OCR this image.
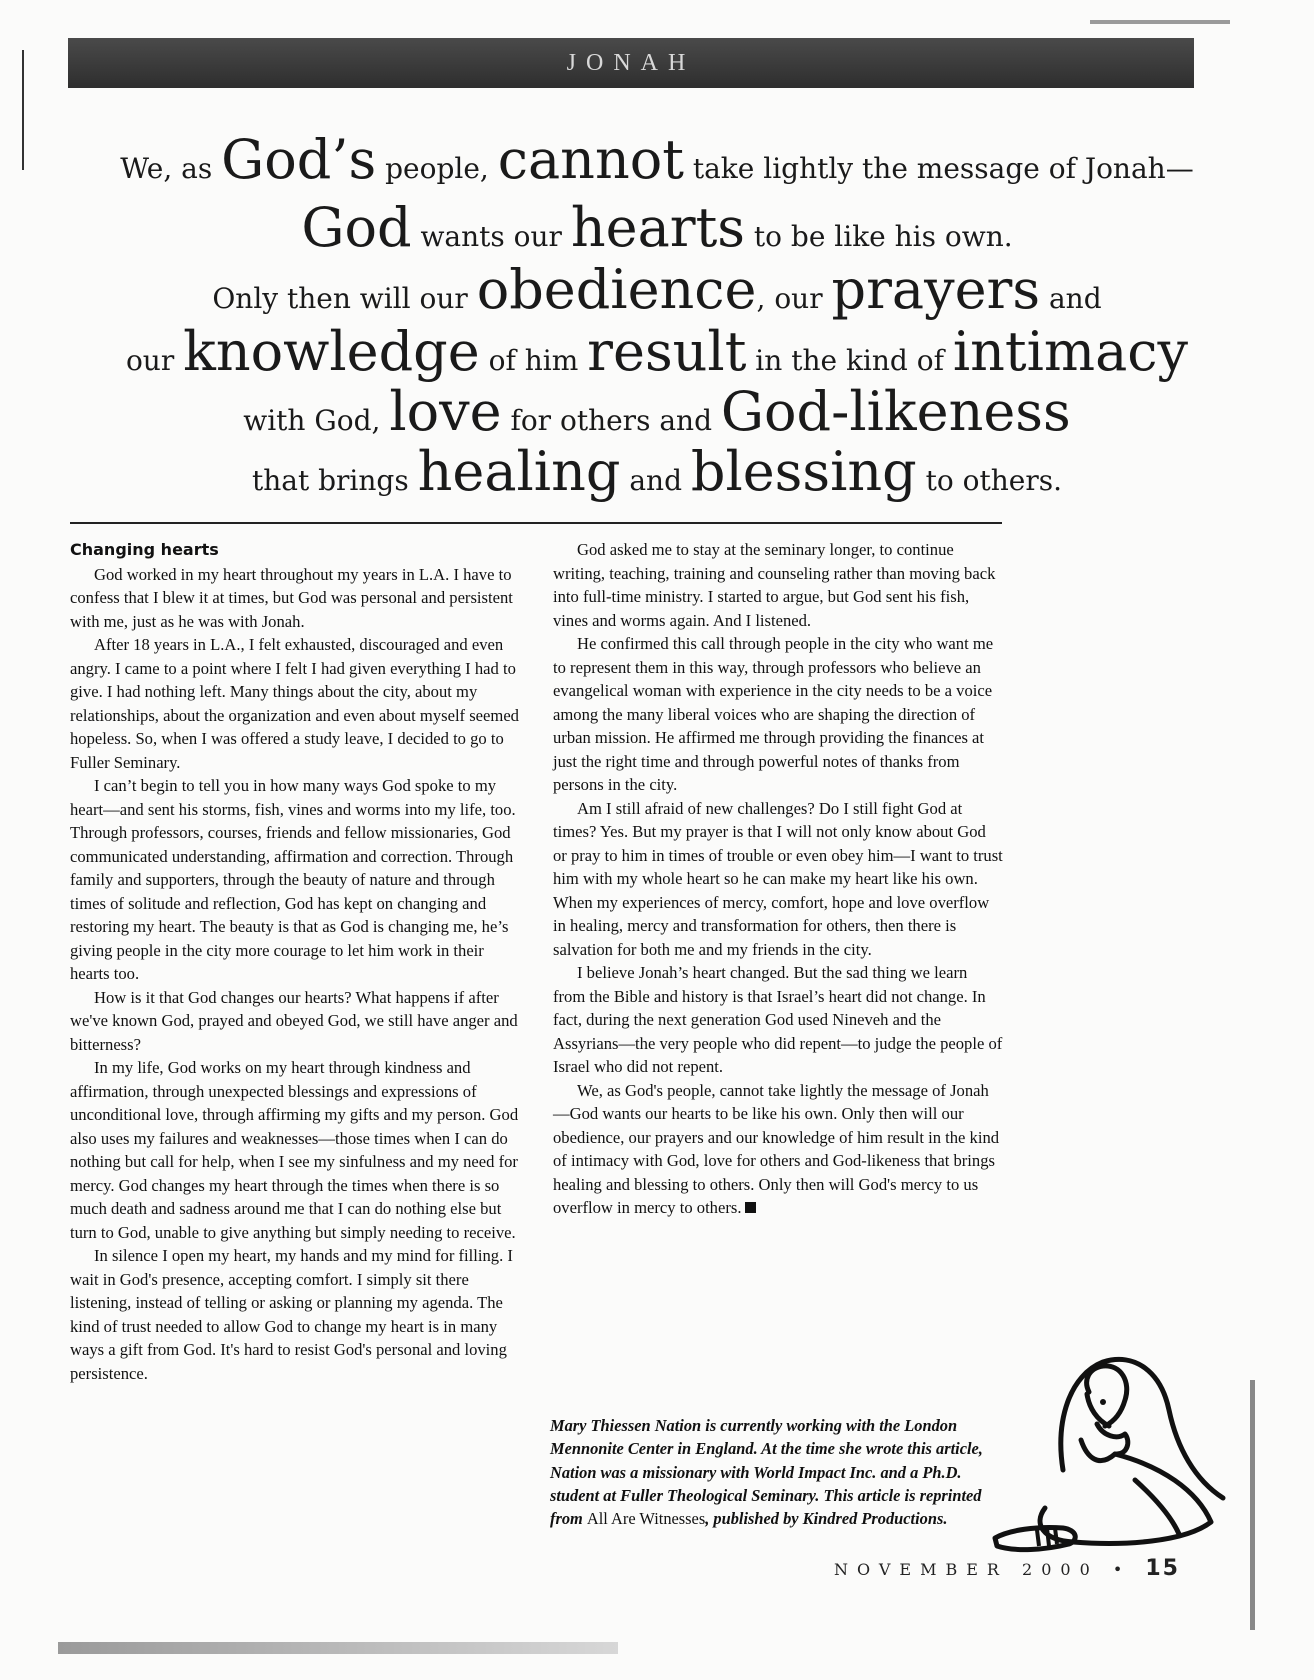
JONAH
We, as God’s people, cannot take lightly the message of Jonah—
God wants our hearts to be like his own.
Only then will our obedience, our prayers and
our knowledge of him result in the kind of intimacy
with God, love for others and God-likeness
that brings healing and blessing to others.
Changing hearts

God worked in my heart throughout my years in L.A. I have to confess that I blew it at times, but God was personal and persistent with me, just as he was with Jonah.

After 18 years in L.A., I felt exhausted, discouraged and even angry. I came to a point where I felt I had given everything I had to give. I had nothing left. Many things about the city, about my relationships, about the organization and even about myself seemed hopeless. So, when I was offered a study leave, I decided to go to Fuller Seminary.

I can’t begin to tell you in how many ways God spoke to my heart—and sent his storms, fish, vines and worms into my life, too. Through professors, courses, friends and fellow missionaries, God communicated understanding, affirmation and correction. Through family and supporters, through the beauty of nature and through times of solitude and reflection, God has kept on changing and restoring my heart. The beauty is that as God is changing me, he’s giving people in the city more courage to let him work in their hearts too.

How is it that God changes our hearts? What happens if after we've known God, prayed and obeyed God, we still have anger and bitterness?

In my life, God works on my heart through kindness and affirmation, through unexpected blessings and expressions of unconditional love, through affirming my gifts and my person. God also uses my failures and weaknesses—those times when I can do nothing but call for help, when I see my sinfulness and my need for mercy. God changes my heart through the times when there is so much death and sadness around me that I can do nothing else but turn to God, unable to give anything but simply needing to receive.

In silence I open my heart, my hands and my mind for filling. I wait in God's presence, accepting comfort. I simply sit there listening, instead of telling or asking or planning my agenda. The kind of trust needed to allow God to change my heart is in many ways a gift from God. It's hard to resist God's personal and loving persistence.

God asked me to stay at the seminary longer, to continue writing, teaching, training and counseling rather than moving back into full-time ministry. I started to argue, but God sent his fish, vines and worms again. And I listened.

He confirmed this call through people in the city who want me to represent them in this way, through professors who believe an evangelical woman with experience in the city needs to be a voice among the many liberal voices who are shaping the direction of urban mission. He affirmed me through providing the finances at just the right time and through powerful notes of thanks from persons in the city.

Am I still afraid of new challenges? Do I still fight God at times? Yes. But my prayer is that I will not only know about God or pray to him in times of trouble or even obey him—I want to trust him with my whole heart so he can make my heart like his own. When my experiences of mercy, comfort, hope and love overflow in healing, mercy and transformation for others, then there is salvation for both me and my friends in the city.

I believe Jonah’s heart changed. But the sad thing we learn from the Bible and history is that Israel’s heart did not change. In fact, during the next generation God used Nineveh and the Assyrians—the very people who did repent—to judge the people of Israel who did not repent.

We, as God's people, cannot take lightly the message of Jonah—God wants our hearts to be like his own. Only then will our obedience, our prayers and our knowledge of him result in the kind of intimacy with God, love for others and God-likeness that brings healing and blessing to others. Only then will God's mercy to us overflow in mercy to others.

Mary Thiessen Nation is currently working with the London Mennonite Center in England. At the time she wrote this article, Nation was a missionary with World Impact Inc. and a Ph.D. student at Fuller Theological Seminary. This article is reprinted from All Are Witnesses, published by Kindred Productions.
NOVEMBER 2000 • 15
